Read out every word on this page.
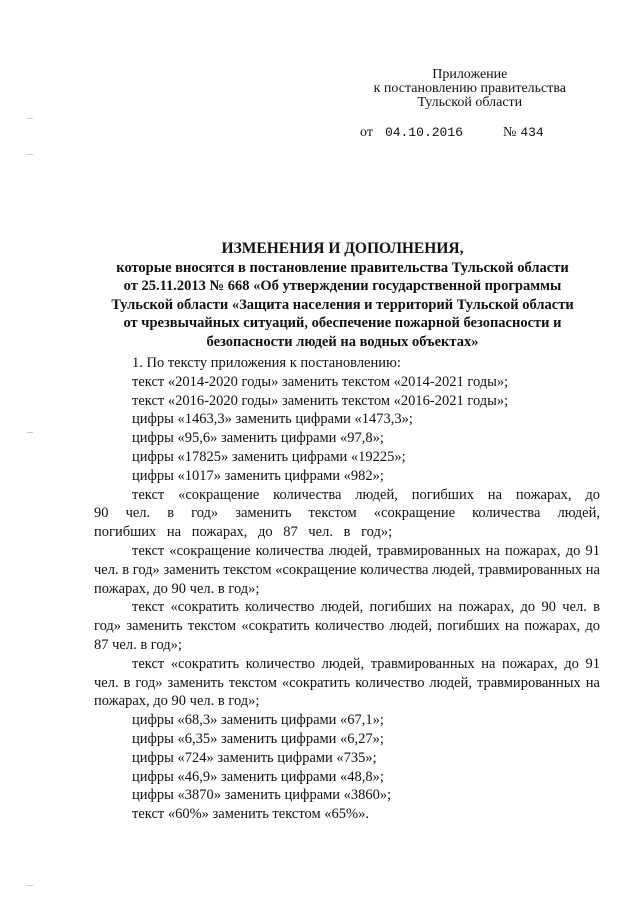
Приложение
к постановлению правительства
Тульской области
от 04.10.2016	№ 434
ИЗМЕНЕНИЯ И ДОПОЛНЕНИЯ,
которые вносятся в постановление правительства Тульской области
от 25.11.2013 № 668 «Об утверждении государственной программы
Тульской области «Защита населения и территорий Тульской области
от чрезвычайных ситуаций, обеспечение пожарной безопасности и
безопасности людей на водных объектах»

1. По тексту приложения к постановлению:

текст «2014-2020 годы» заменить текстом «2014-2021 годы»;

текст «2016-2020 годы» заменить текстом «2016-2021 годы»;

цифры «1463,3» заменить цифрами «1473,3»;

цифры «95,6» заменить цифрами «97,8»;

цифры «17825» заменить цифрами «19225»;

цифры «1017» заменить цифрами «982»;

текст «сокращение количества людей, погибших на пожарах, до 90 чел. в год» заменить текстом «сокращение количества людей, погибших на пожарах, до 87 чел. в год»;

текст «сокращение количества людей, травмированных на пожарах, до 91 чел. в год» заменить текстом «сокращение количества людей, травмированных на пожарах, до 90 чел. в год»;

текст «сократить количество людей, погибших на пожарах, до 90 чел. в год» заменить текстом «сократить количество людей, погибших на пожарах, до 87 чел. в год»;

текст «сократить количество людей, травмированных на пожарах, до 91 чел. в год» заменить текстом «сократить количество людей, травмированных на пожарах, до 90 чел. в год»;

цифры «68,3» заменить цифрами «67,1»;

цифры «6,35» заменить цифрами «6,27»;

цифры «724» заменить цифрами «735»;

цифры «46,9» заменить цифрами «48,8»;

цифры «3870» заменить цифрами «3860»;

текст «60%» заменить текстом «65%».
